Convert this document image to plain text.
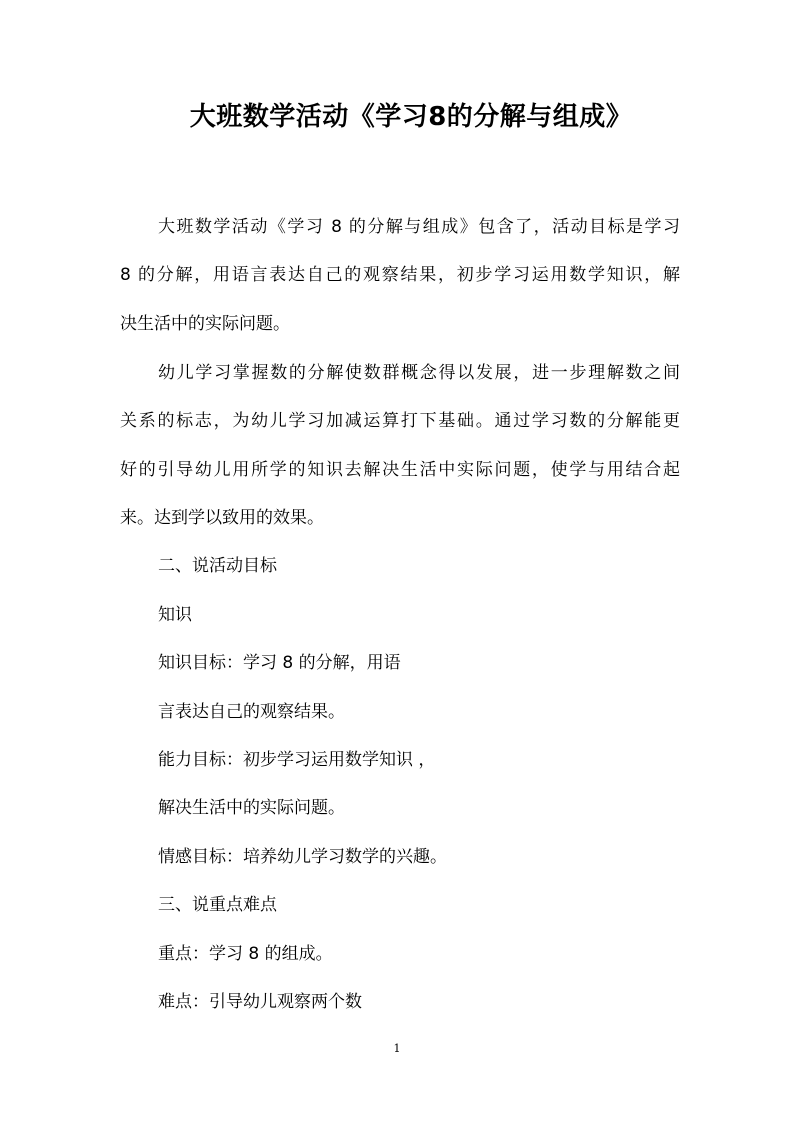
大班数学活动《学习8的分解与组成》
大班数学活动《学习 8 的分解与组成》包含了，活动目标是学习
8 的分解，用语言表达自己的观察结果，初步学习运用数学知识，解
决生活中的实际问题。
幼儿学习掌握数的分解使数群概念得以发展，进一步理解数之间
关系的标志，为幼儿学习加减运算打下基础。通过学习数的分解能更
好的引导幼儿用所学的知识去解决生活中实际问题，使学与用结合起
来。达到学以致用的效果。
二、说活动目标
知识
知识目标：学习 8 的分解，用语
言表达自己的观察结果。
能力目标：初步学习运用数学知识 ，
解决生活中的实际问题。
情感目标：培养幼儿学习数学的兴趣。
三、说重点难点
重点：学习 8 的组成。
难点：引导幼儿观察两个数
1
